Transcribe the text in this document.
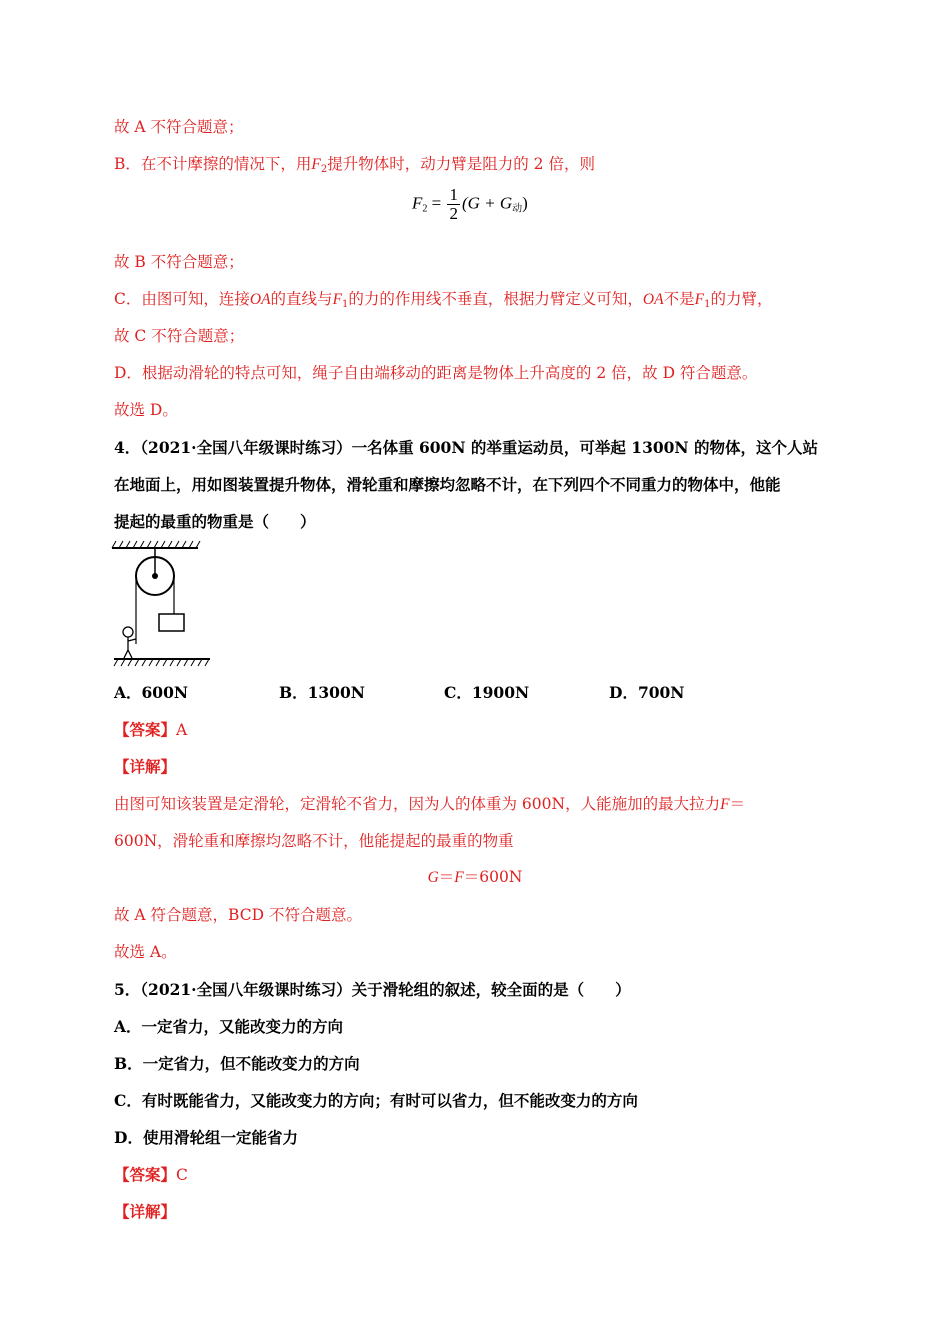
故 A 不符合题意；
B．在不计摩擦的情况下，用$F_2$提升物体时，动力臂是阻力的 2 倍，则
$F_2 = \frac{1}{2} (G + G_动)$
故 B 不符合题意；
C．由图可知，连接OA的直线与$F_1$的力的作用线不垂直，根据力臂定义可知，OA不是$F_1$的力臂，
故 C 不符合题意；
D．根据动滑轮的特点可知，绳子自由端移动的距离是物体上升高度的 2 倍，故 D 符合题意。
故选 D。
4．（2021·全国八年级课时练习）一名体重 600N 的举重运动员，可举起 1300N 的物体，这个人站
在地面上，用如图装置提升物体，滑轮重和摩擦均忽略不计，在下列四个不同重力的物体中，他能
提起的最重的物重是（　　）
A．600N	B．1300N	C．1900N	D．700N
【答案】A
【详解】
由图可知该装置是定滑轮，定滑轮不省力，因为人的体重为 600N，人能施加的最大拉力F＝
600N，滑轮重和摩擦均忽略不计，他能提起的最重的物重
G＝F＝600N
故 A 符合题意，BCD 不符合题意。
故选 A。
5．（2021·全国八年级课时练习）关于滑轮组的叙述，较全面的是（　　）
A．一定省力，又能改变力的方向
B．一定省力，但不能改变力的方向
C．有时既能省力，又能改变力的方向；有时可以省力，但不能改变力的方向
D．使用滑轮组一定能省力
【答案】C
【详解】
